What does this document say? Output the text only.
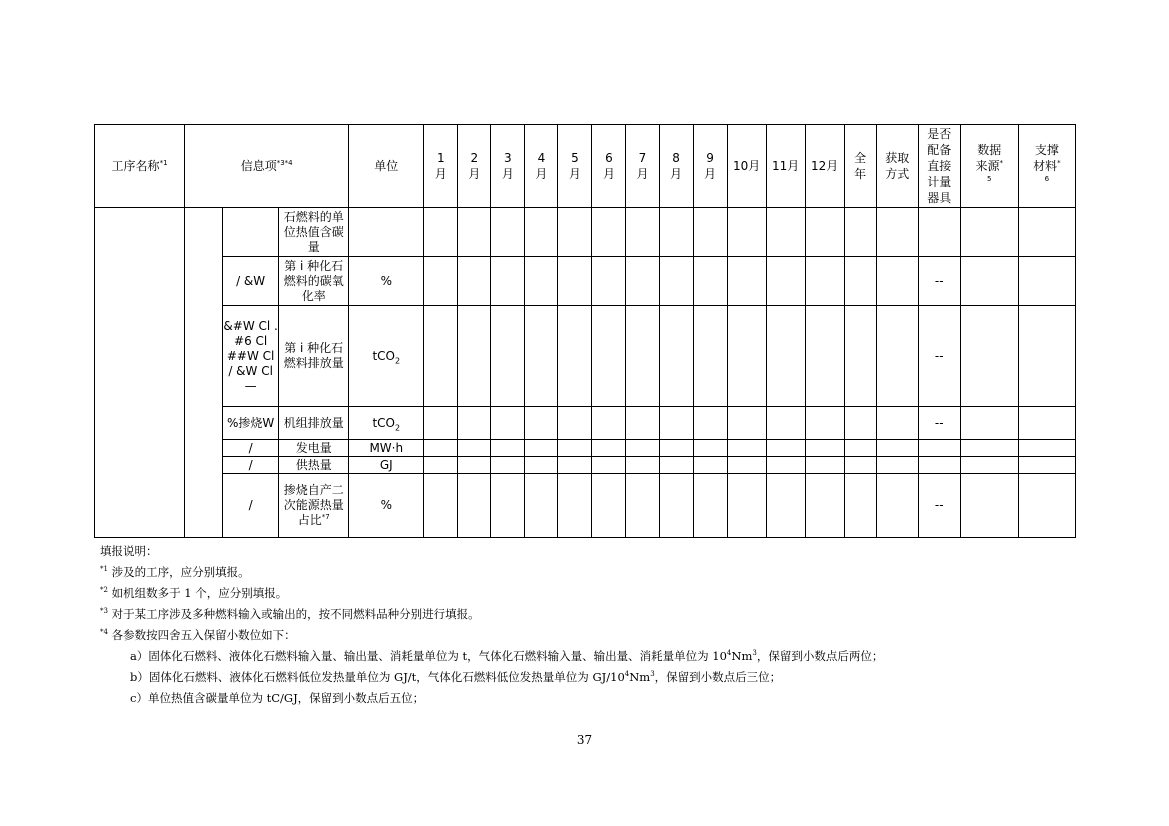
工序名称$^{*1}$	信息项$^{*3*4}$			单位	1月	2月	3月	4月	5月	6月	7月	8月	9月	10月	11月	12月	全年	获取方式	是否配备直接计量器具	数据来源$^{*5}$	支撑材料$^{*6}$
			石燃料的单位热值含碳量																		
		/ &W	第 i 种化石燃料的碳氧化率	%															--		
		&#W Cl . #6 Cl ##W Cl / &W Cl —	第 i 种化石燃料排放量	tCO$_2$															--		
		%掺烧W	机组排放量	tCO$_2$															--		
		/	发电量	MW·h																	
		/	供热量	GJ																	
		/	掺烧自产二次能源热量占比$^{*7}$	%															--		
填报说明：
$^{*1}$ 涉及的工序，应分别填报。
$^{*2}$ 如机组数多于 1 个，应分别填报。
$^{*3}$ 对于某工序涉及多种燃料输入或输出的，按不同燃料品种分别进行填报。
$^{*4}$ 各参数按四舍五入保留小数位如下：
a）固体化石燃料、液体化石燃料输入量、输出量、消耗量单位为 t，气体化石燃料输入量、输出量、消耗量单位为 $10^4Nm^3$，保留到小数点后两位；
b）固体化石燃料、液体化石燃料低位发热量单位为 GJ/t，气体化石燃料低位发热量单位为 $GJ/10^4Nm^3$，保留到小数点后三位；
c）单位热值含碳量单位为 tC/GJ，保留到小数点后五位；
37
